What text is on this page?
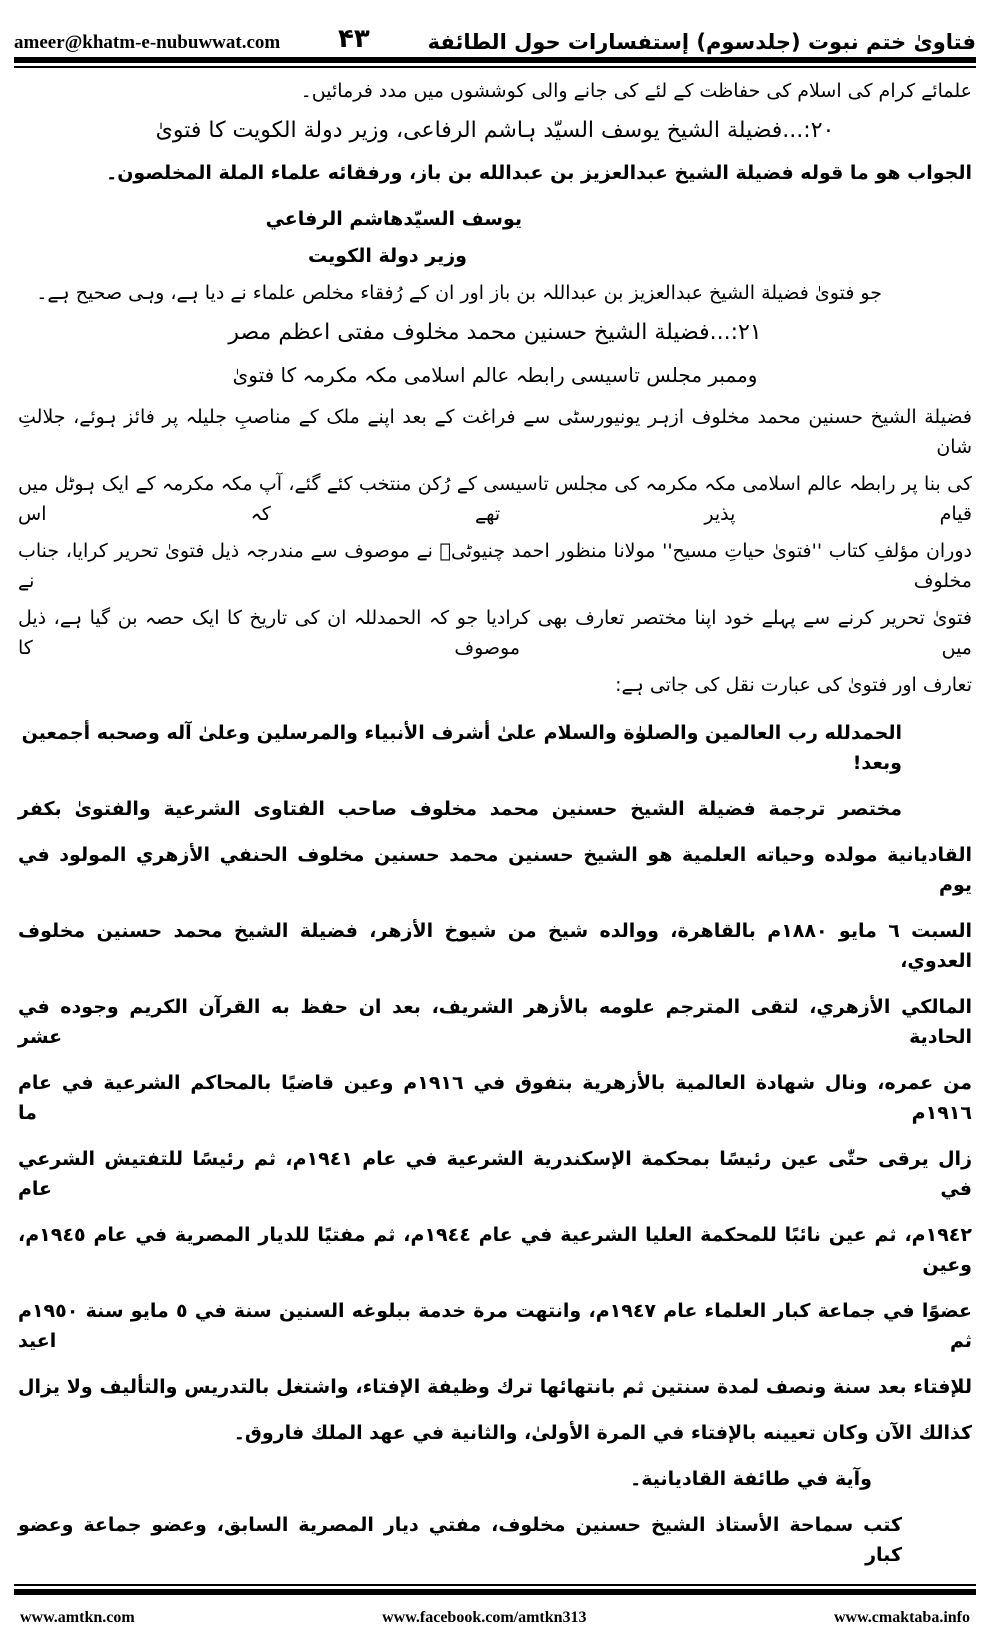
ameer@khatm-e-nubuwwat.com ۴۳	فتاویٰ ختم نبوت (جلدسوم) إستفسارات حول الطائفة
علمائے کرام کی اسلام کی حفاظت کے لئے کی جانے والی کوششوں میں مدد فرمائیں۔
۲۰:...فضیلة الشیخ یوسف السیّد ہاشم الرفاعی، وزیر دولة الکویت کا فتویٰ
الجواب هو ما قوله فضيلة الشيخ عبدالعزيز بن عبدالله بن باز، ورفقائه علماء الملة المخلصون۔
يوسف السيّدهاشم الرفاعي
وزير دولة الكويت
جو فتویٰ فضیلة الشیخ عبدالعزیز بن عبداللہ بن باز اور ان کے رُفقاء مخلص علماء نے دیا ہے، وہی صحیح ہے۔
۲۱:...فضیلة الشیخ حسنین محمد مخلوف مفتی اعظم مصر
وممبر مجلس تاسیسی رابطہ عالم اسلامی مکہ مکرمہ کا فتویٰ
فضیلة الشیخ حسنین محمد مخلوف ازہر یونیورسٹی سے فراغت کے بعد اپنے ملک کے مناصبِ جلیلہ پر فائز ہوئے، جلالتِ شان
کی بنا پر رابطہ عالم اسلامی مکہ مکرمہ کی مجلس تاسیسی کے رُکن منتخب کئے گئے، آپ مکہ مکرمہ کے ایک ہوٹل میں قیام پذیر تھے کہ اس
دوران مؤلفِ کتاب ''فتویٰ حیاتِ مسیح'' مولانا منظور احمد چنیوٹیؒ نے موصوف سے مندرجہ ذیل فتویٰ تحریر کرایا، جناب مخلوف نے
فتویٰ تحریر کرنے سے پہلے خود اپنا مختصر تعارف بھی کرادیا جو کہ الحمدللہ ان کی تاریخ کا ایک حصہ بن گیا ہے، ذیل میں موصوف کا
تعارف اور فتویٰ کی عبارت نقل کی جاتی ہے:
الحمدلله رب العالمين والصلوٰة والسلام علىٰ أشرف الأنبياء والمرسلين وعلىٰ آله وصحبه أجمعين وبعد!
مختصر ترجمة فضيلة الشيخ حسنين محمد مخلوف صاحب الفتاوى الشرعية والفتوىٰ بكفر
القاديانية مولده وحياته العلمية هو الشيخ حسنين محمد حسنين مخلوف الحنفي الأزهري المولود في يوم
السبت ٦ مايو ١٨٨٠م بالقاهرة، ووالده شيخ من شيوخ الأزهر، فضيلة الشيخ محمد حسنين مخلوف العدوي،
المالكي الأزهري، لتقى المترجم علومه بالأزهر الشريف، بعد ان حفظ به القرآن الكريم وجوده في الحادية عشر
من عمره، ونال شهادة العالمية بالأزهرية بتفوق في ١٩١٦م وعين قاضيًا بالمحاكم الشرعية في عام ١٩١٦م ما
زال يرقى حتّٰى عين رئيسًا بمحكمة الإسكندرية الشرعية في عام ١٩٤١م، ثم رئيسًا للتفتيش الشرعي في عام
١٩٤٢م، ثم عين نائبًا للمحكمة العليا الشرعية في عام ١٩٤٤م، ثم مفتيًا للديار المصرية في عام ١٩٤٥م، وعين
عضوًا في جماعة كبار العلماء عام ١٩٤٧م، وانتهت مرة خدمة ببلوغه السنين سنة في ٥ مايو سنة ١٩٥٠م ثم اعيد
للإفتاء بعد سنة ونصف لمدة سنتين ثم بانتهائها ترك وظيفة الإفتاء، واشتغل بالتدريس والتأليف ولا يزال
كذالك الآن وكان تعيينه بالإفتاء في المرة الأولىٰ، والثانية في عهد الملك فاروق۔
وآية في طائفة القاديانية۔
كتب سماحة الأستاذ الشيخ حسنين مخلوف، مفتي ديار المصرية السابق، وعضو جماعة وعضو كبار
www.amtkn.com	www.facebook.com/amtkn313	www.cmaktaba.info
